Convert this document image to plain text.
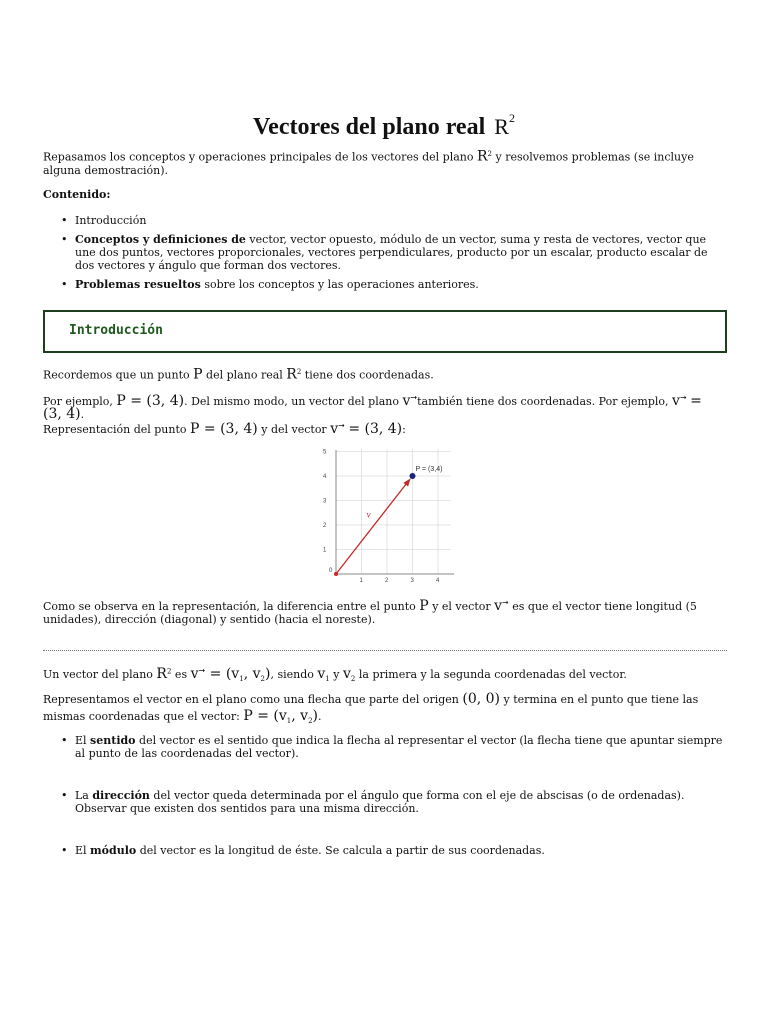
Vectores del plano real $R^2$
Repasamos los conceptos y operaciones principales de los vectores del plano $R^2$ y resolvemos problemas (se incluye alguna demostración).
Contenido:
• Introducción
• Conceptos y definiciones de vector, vector opuesto, módulo de un vector, suma y resta de vectores, vector que une dos puntos, vectores proporcionales, vectores perpendiculares, producto por un escalar, producto escalar de dos vectores y ángulo que forman dos vectores.
• Problemas resueltos sobre los conceptos y las operaciones anteriores.
Introducción
Recordemos que un punto P del plano real $R^2$ tiene dos coordenadas.
Por ejemplo, P = (3, 4). Del mismo modo, un vector del plano v➞también tiene dos coordenadas. Por ejemplo, v➞ = (3, 4).
Representación del punto P = (3, 4) y del vector v➞ = (3, 4):
1	2	3	4
1
2
3
4
5
P = (3,4)
v
0
Como se observa en la representación, la diferencia entre el punto P y el vector v➞ es que el vector tiene longitud (5 unidades), dirección (diagonal) y sentido (hacia el noreste).
Un vector del plano $R^2$ es $v^➞ = (v_1$, $v_2$), siendo $v_1$ y $v_2$ la primera y la segunda coordenadas del vector.
Representamos el vector en el plano como una flecha que parte del origen (0, 0) y termina en el punto que tiene las mismas coordenadas que el vector: $P = (v_1$, $v_2$).
• El sentido del vector es el sentido que indica la flecha al representar el vector (la flecha tiene que apuntar siempre al punto de las coordenadas del vector).
• La dirección del vector queda determinada por el ángulo que forma con el eje de abscisas (o de ordenadas). Observar que existen dos sentidos para una misma dirección.
• El módulo del vector es la longitud de éste. Se calcula a partir de sus coordenadas.
